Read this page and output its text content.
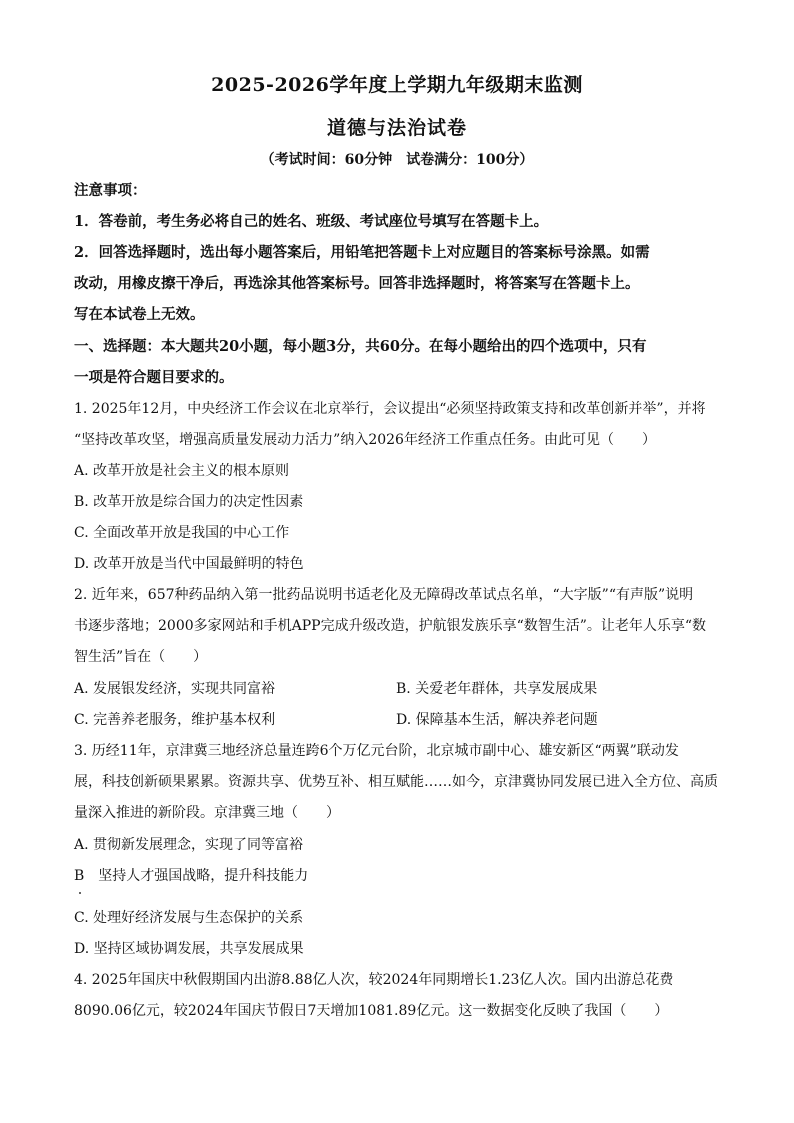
2025-2026学年度上学期九年级期末监测
道德与法治试卷
（考试时间：60分钟　试卷满分：100分）
注意事项：
1．答卷前，考生务必将自己的姓名、班级、考试座位号填写在答题卡上。
2．回答选择题时，选出每小题答案后，用铅笔把答题卡上对应题目的答案标号涂黑。如需
改动，用橡皮擦干净后，再选涂其他答案标号。回答非选择题时，将答案写在答题卡上。
写在本试卷上无效。
一、选择题：本大题共20小题，每小题3分，共60分。在每小题给出的四个选项中，只有
一项是符合题目要求的。
1. 2025年12月，中央经济工作会议在北京举行，会议提出“必须坚持政策支持和改革创新并举”，并将
“坚持改革攻坚，增强高质量发展动力活力”纳入2026年经济工作重点任务。由此可见（　　）
A. 改革开放是社会主义的根本原则
B. 改革开放是综合国力的决定性因素
C. 全面改革开放是我国的中心工作
D. 改革开放是当代中国最鲜明的特色
2. 近年来，657种药品纳入第一批药品说明书适老化及无障碍改革试点名单，“大字版”“有声版”说明
书逐步落地；2000多家网站和手机APP完成升级改造，护航银发族乐享“数智生活”。让老年人乐享“数
智生活”旨在（　　）
A. 发展银发经济，实现共同富裕	B. 关爱老年群体，共享发展成果
C. 完善养老服务，维护基本权利	D. 保障基本生活，解决养老问题
3. 历经11年，京津冀三地经济总量连跨6个万亿元台阶，北京城市副中心、雄安新区“两翼”联动发
展，科技创新硕果累累。资源共享、优势互补、相互赋能……如今，京津冀协同发展已进入全方位、高质
量深入推进的新阶段。京津冀三地（　　）
A. 贯彻新发展理念，实现了同等富裕
B　坚持人才强国战略，提升科技能力
C. 处理好经济发展与生态保护的关系
D. 坚持区域协调发展，共享发展成果
4. 2025年国庆中秋假期国内出游8.88亿人次，较2024年同期增长1.23亿人次。国内出游总花费
8090.06亿元，较2024年国庆节假日7天增加1081.89亿元。这一数据变化反映了我国（　　）
